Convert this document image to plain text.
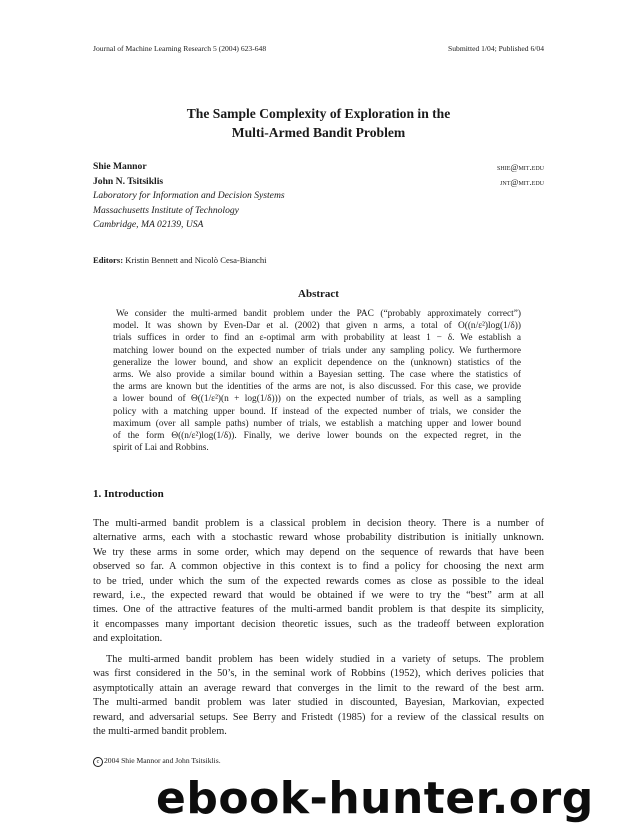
Journal of Machine Learning Research 5 (2004) 623-648	Submitted 1/04; Published 6/04
The Sample Complexity of Exploration in the
Multi-Armed Bandit Problem
Shie Mannor	shie@mit.edu
John N. Tsitsiklis	jnt@mit.edu
Laboratory for Information and Decision Systems
Massachusetts Institute of Technology
Cambridge, MA 02139, USA
Editors: Kristin Bennett and Nicolò Cesa-Bianchi
Abstract
We consider the multi-armed bandit problem under the PAC (“probably approximately correct”)
model. It was shown by Even-Dar et al. (2002) that given n arms, a total of O((n/ε²)log(1/δ))
trials suffices in order to find an ε-optimal arm with probability at least 1 − δ. We establish a
matching lower bound on the expected number of trials under any sampling policy. We furthermore
generalize the lower bound, and show an explicit dependence on the (unknown) statistics of the
arms. We also provide a similar bound within a Bayesian setting. The case where the statistics of
the arms are known but the identities of the arms are not, is also discussed. For this case, we provide
a lower bound of Θ((1/ε²)(n + log(1/δ))) on the expected number of trials, as well as a sampling
policy with a matching upper bound. If instead of the expected number of trials, we consider the
maximum (over all sample paths) number of trials, we establish a matching upper and lower bound
of the form Θ((n/ε²)log(1/δ)). Finally, we derive lower bounds on the expected regret, in the
spirit of Lai and Robbins.
1. Introduction
The multi-armed bandit problem is a classical problem in decision theory. There is a number of
alternative arms, each with a stochastic reward whose probability distribution is initially unknown.
We try these arms in some order, which may depend on the sequence of rewards that have been
observed so far. A common objective in this context is to find a policy for choosing the next arm
to be tried, under which the sum of the expected rewards comes as close as possible to the ideal
reward, i.e., the expected reward that would be obtained if we were to try the “best” arm at all
times. One of the attractive features of the multi-armed bandit problem is that despite its simplicity,
it encompasses many important decision theoretic issues, such as the tradeoff between exploration
and exploitation.
The multi-armed bandit problem has been widely studied in a variety of setups. The problem
was first considered in the 50’s, in the seminal work of Robbins (1952), which derives policies that
asymptotically attain an average reward that converges in the limit to the reward of the best arm.
The multi-armed bandit problem was later studied in discounted, Bayesian, Markovian, expected
reward, and adversarial setups. See Berry and Fristedt (1985) for a review of the classical results on
the multi-armed bandit problem.
c 2004 Shie Mannor and John Tsitsiklis.
ebook-hunter.org
